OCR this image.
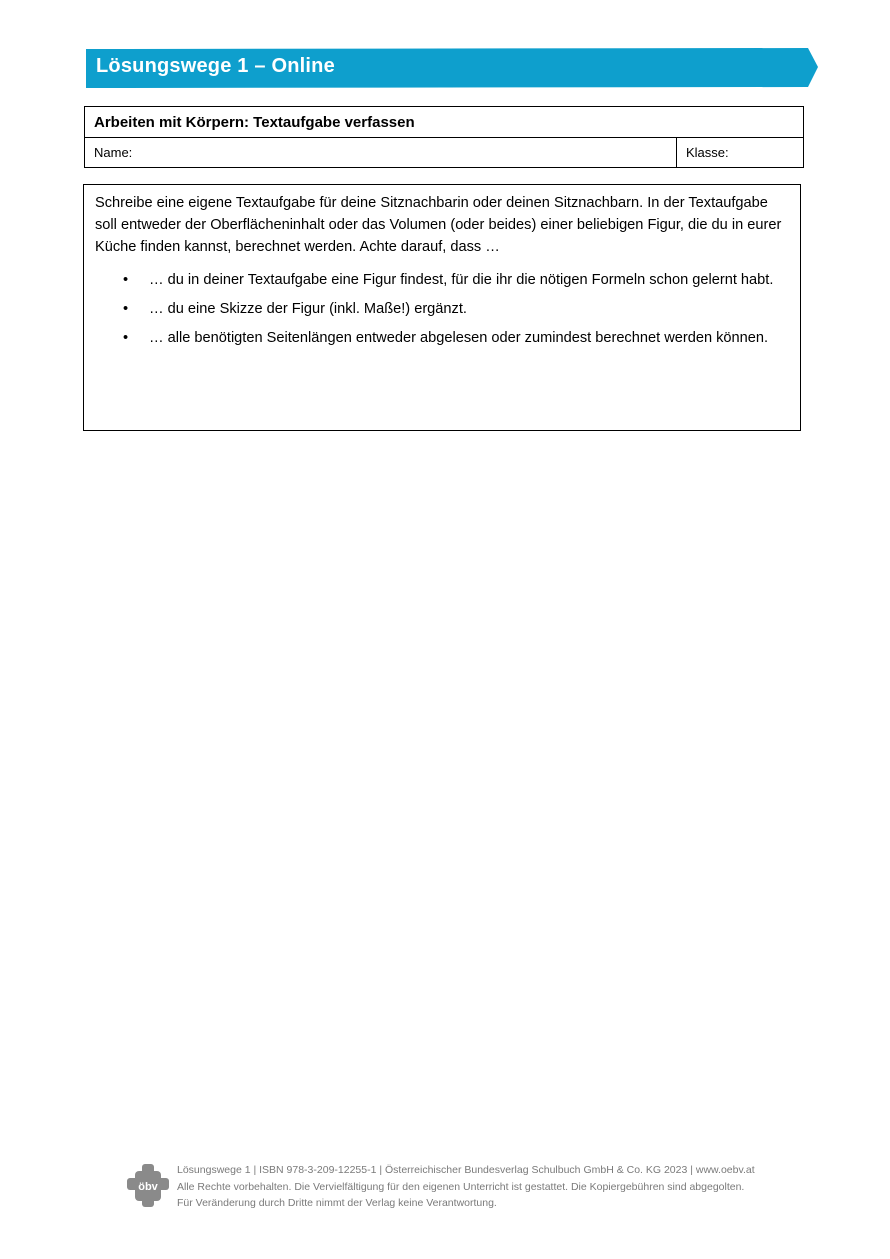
Lösungswege 1 – Online
Arbeiten mit Körpern: Textaufgabe verfassen
Name:	Klasse:

Schreibe eine eigene Textaufgabe für deine Sitznachbarin oder deinen Sitznachbarn. In der Textaufgabe soll entweder der Oberflächeninhalt oder das Volumen (oder beides) einer beliebigen Figur, die du in eurer Küche finden kannst, berechnet werden. Achte darauf, dass …

• … du in deiner Textaufgabe eine Figur findest, für die ihr die nötigen Formeln schon gelernt habt.
• … du eine Skizze der Figur (inkl. Maße!) ergänzt.
• … alle benötigten Seitenlängen entweder abgelesen oder zumindest berechnet werden können.
öbv
Lösungswege 1 | ISBN 978-3-209-12255-1 | Österreichischer Bundesverlag Schulbuch GmbH & Co. KG 2023 | www.oebv.at
Alle Rechte vorbehalten. Die Vervielfältigung für den eigenen Unterricht ist gestattet. Die Kopiergebühren sind abgegolten.
Für Veränderung durch Dritte nimmt der Verlag keine Verantwortung.
